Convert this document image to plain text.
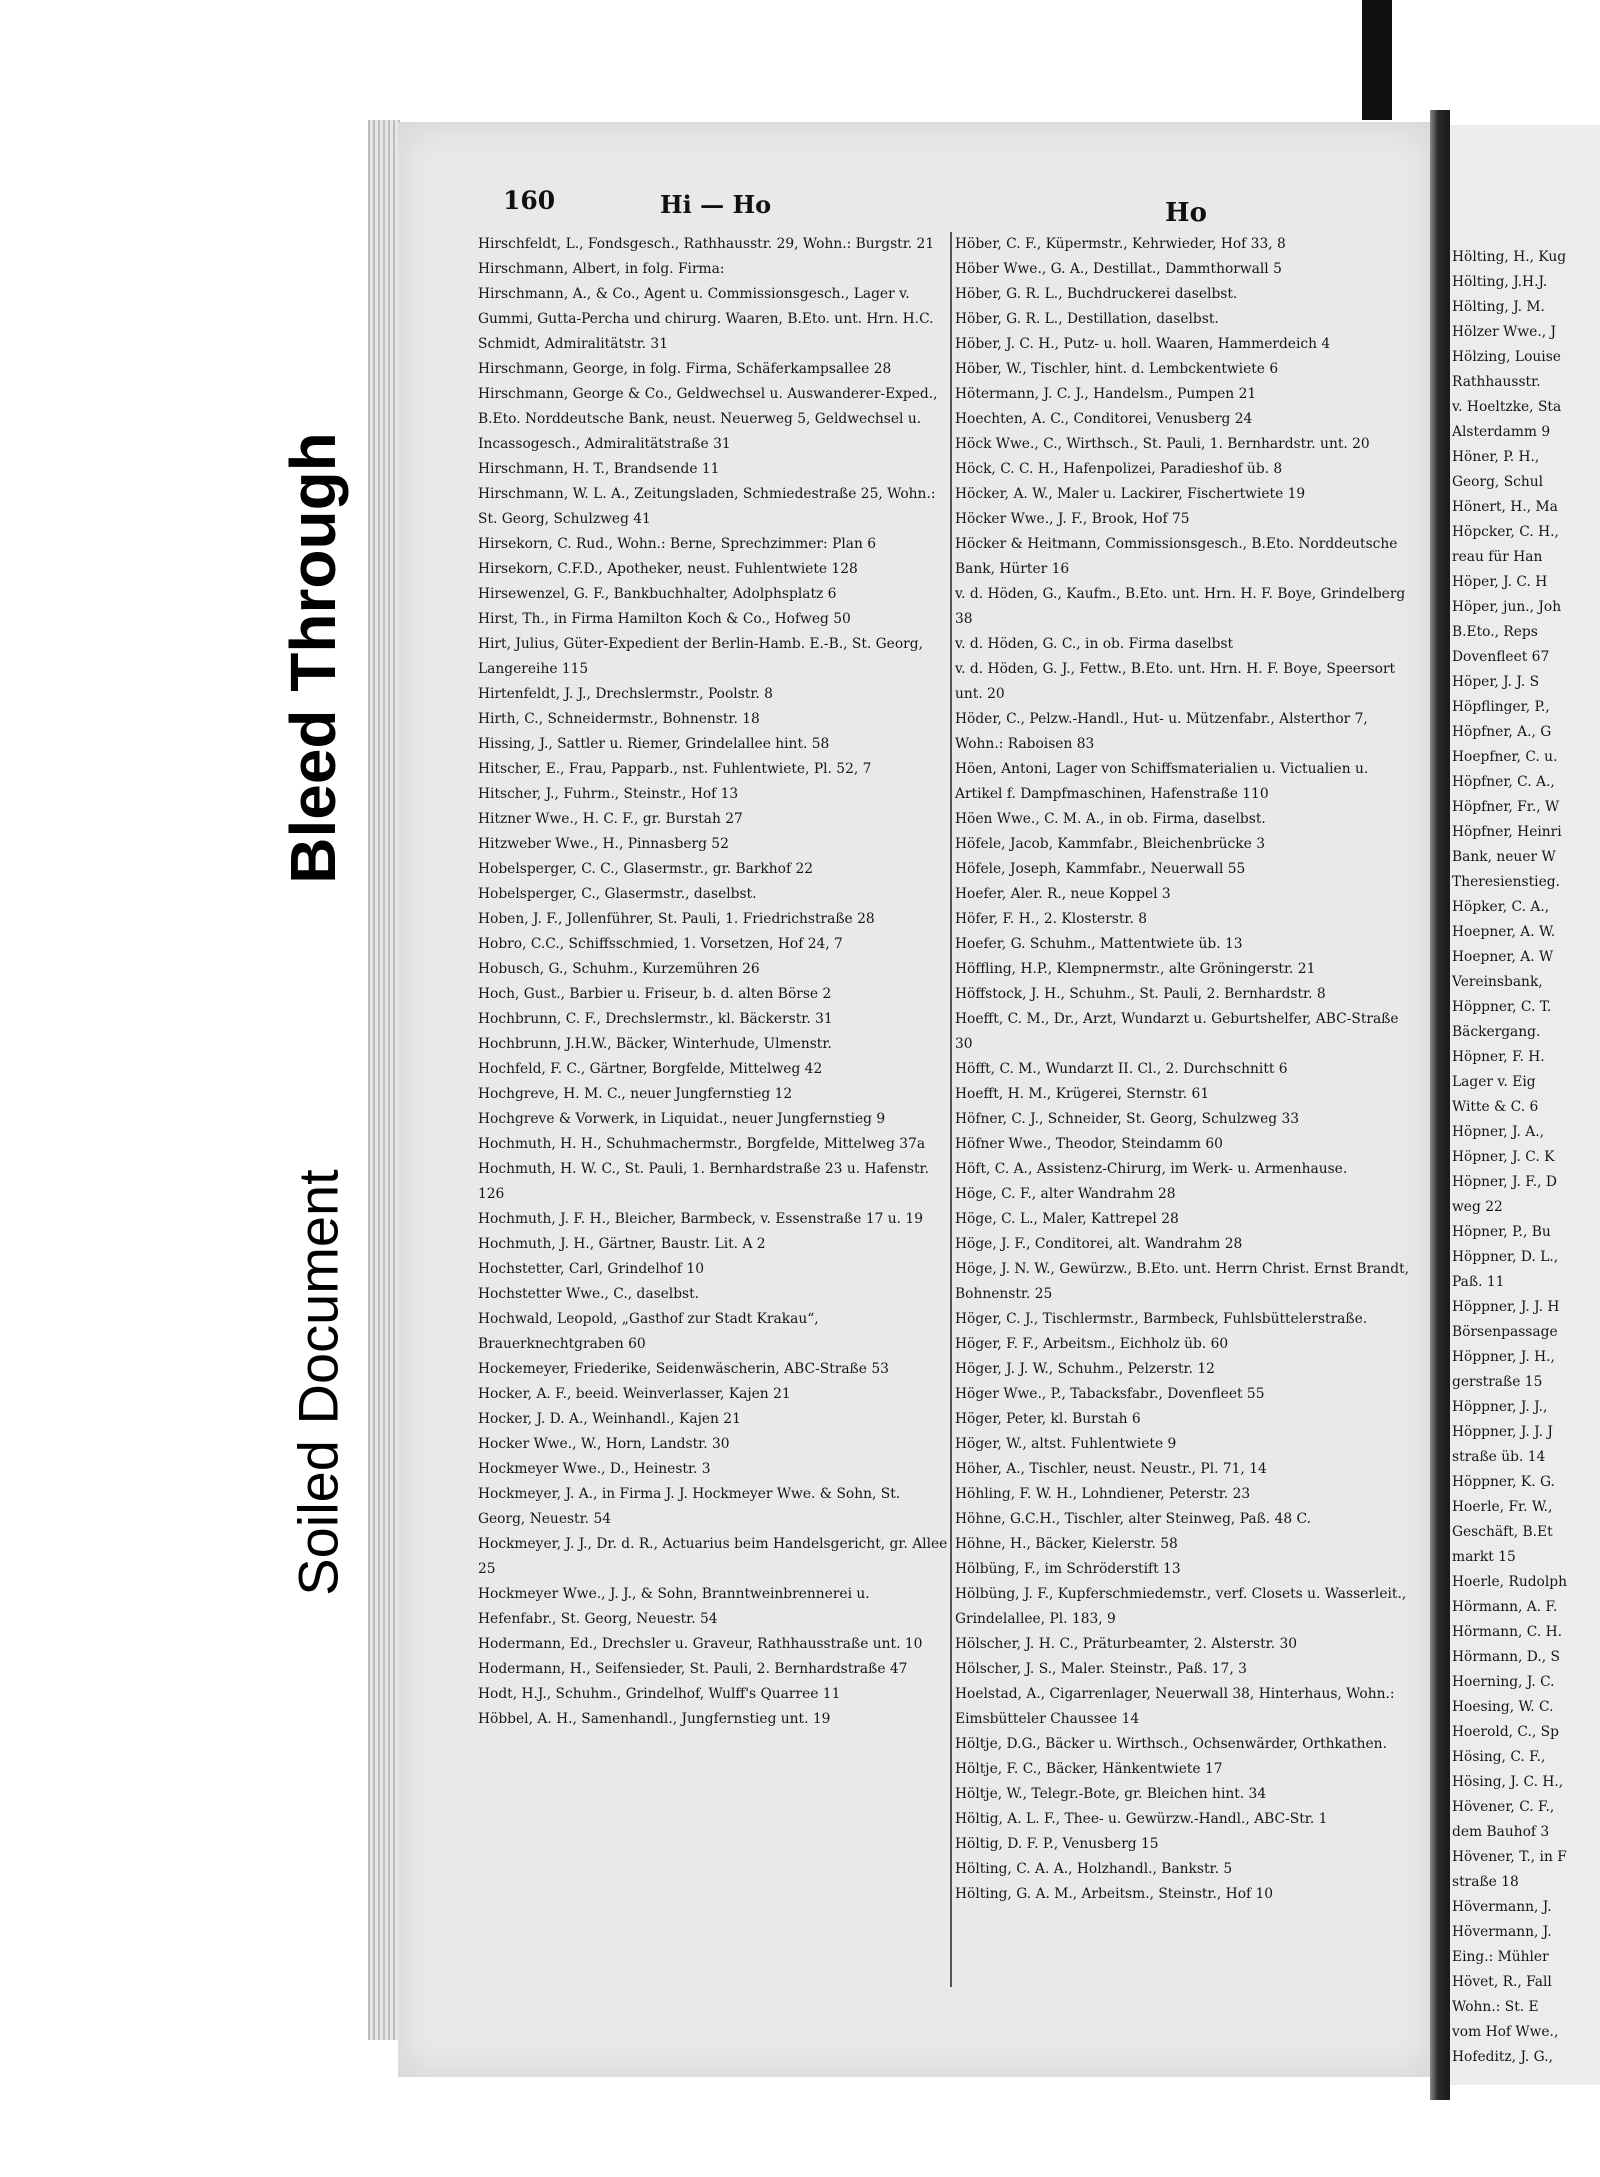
160	Hi — Ho	Ho
Hirschfeldt, L., Fondsgesch., Rathhausstr. 29, Wohn.: Burgstr. 21
Hirschmann, Albert, in folg. Firma:
Hirschmann, A., & Co., Agent u. Commissionsgesch., Lager v. Gummi, Gutta-Percha und chirurg. Waaren, B.Eto. unt. Hrn. H.C. Schmidt, Admiralitätstr. 31
Hirschmann, George, in folg. Firma, Schäferkampsallee 28
Hirschmann, George & Co., Geldwechsel u. Auswanderer-Exped., B.Eto. Norddeutsche Bank, neust. Neuerweg 5, Geldwechsel u. Incassogesch., Admiralitätstraße 31
Hirschmann, H. T., Brandsende 11
Hirschmann, W. L. A., Zeitungsladen, Schmiedestraße 25, Wohn.: St. Georg, Schulzweg 41
Hirsekorn, C. Rud., Wohn.: Berne, Sprechzimmer: Plan 6
Hirsekorn, C.F.D., Apotheker, neust. Fuhlentwiete 128
Hirsewenzel, G. F., Bankbuchhalter, Adolphsplatz 6
Hirst, Th., in Firma Hamilton Koch & Co., Hofweg 50
Hirt, Julius, Güter-Expedient der Berlin-Hamb. E.-B., St. Georg, Langereihe 115
Hirtenfeldt, J. J., Drechslermstr., Poolstr. 8
Hirth, C., Schneidermstr., Bohnenstr. 18
Hissing, J., Sattler u. Riemer, Grindelallee hint. 58
Hitscher, E., Frau, Papparb., nst. Fuhlentwiete, Pl. 52, 7
Hitscher, J., Fuhrm., Steinstr., Hof 13
Hitzner Wwe., H. C. F., gr. Burstah 27
Hitzweber Wwe., H., Pinnasberg 52
Hobelsperger, C. C., Glasermstr., gr. Barkhof 22
Hobelsperger, C., Glasermstr., daselbst.
Hoben, J. F., Jollenführer, St. Pauli, 1. Friedrichstraße 28
Hobro, C.C., Schiffsschmied, 1. Vorsetzen, Hof 24, 7
Hobusch, G., Schuhm., Kurzemühren 26
Hoch, Gust., Barbier u. Friseur, b. d. alten Börse 2
Hochbrunn, C. F., Drechslermstr., kl. Bäckerstr. 31
Hochbrunn, J.H.W., Bäcker, Winterhude, Ulmenstr.
Hochfeld, F. C., Gärtner, Borgfelde, Mittelweg 42
Hochgreve, H. M. C., neuer Jungfernstieg 12
Hochgreve & Vorwerk, in Liquidat., neuer Jungfernstieg 9
Hochmuth, H. H., Schuhmachermstr., Borgfelde, Mittelweg 37a
Hochmuth, H. W. C., St. Pauli, 1. Bernhardstraße 23 u. Hafenstr. 126
Hochmuth, J. F. H., Bleicher, Barmbeck, v. Essenstraße 17 u. 19
Hochmuth, J. H., Gärtner, Baustr. Lit. A 2
Hochstetter, Carl, Grindelhof 10
Hochstetter Wwe., C., daselbst.
Hochwald, Leopold, „Gasthof zur Stadt Krakau“, Brauerknechtgraben 60
Hockemeyer, Friederike, Seidenwäscherin, ABC-Straße 53
Hocker, A. F., beeid. Weinverlasser, Kajen 21
Hocker, J. D. A., Weinhandl., Kajen 21
Hocker Wwe., W., Horn, Landstr. 30
Hockmeyer Wwe., D., Heinestr. 3
Hockmeyer, J. A., in Firma J. J. Hockmeyer Wwe. & Sohn, St. Georg, Neuestr. 54
Hockmeyer, J. J., Dr. d. R., Actuarius beim Handelsgericht, gr. Allee 25
Hockmeyer Wwe., J. J., & Sohn, Branntweinbrennerei u. Hefenfabr., St. Georg, Neuestr. 54
Hodermann, Ed., Drechsler u. Graveur, Rathhausstraße unt. 10
Hodermann, H., Seifensieder, St. Pauli, 2. Bernhardstraße 47
Hodt, H.J., Schuhm., Grindelhof, Wulff's Quarree 11
Höbbel, A. H., Samenhandl., Jungfernstieg unt. 19
Höber, C. F., Küpermstr., Kehrwieder, Hof 33, 8
Höber Wwe., G. A., Destillat., Dammthorwall 5
Höber, G. R. L., Buchdruckerei daselbst.
Höber, G. R. L., Destillation, daselbst.
Höber, J. C. H., Putz- u. holl. Waaren, Hammerdeich 4
Höber, W., Tischler, hint. d. Lembckentwiete 6
Hötermann, J. C. J., Handelsm., Pumpen 21
Hoechten, A. C., Conditorei, Venusberg 24
Höck Wwe., C., Wirthsch., St. Pauli, 1. Bernhardstr. unt. 20
Höck, C. C. H., Hafenpolizei, Paradieshof üb. 8
Höcker, A. W., Maler u. Lackirer, Fischertwiete 19
Höcker Wwe., J. F., Brook, Hof 75
Höcker & Heitmann, Commissionsgesch., B.Eto. Norddeutsche Bank, Hürter 16
v. d. Höden, G., Kaufm., B.Eto. unt. Hrn. H. F. Boye, Grindelberg 38
v. d. Höden, G. C., in ob. Firma daselbst
v. d. Höden, G. J., Fettw., B.Eto. unt. Hrn. H. F. Boye, Speersort unt. 20
Höder, C., Pelzw.-Handl., Hut- u. Mützenfabr., Alsterthor 7, Wohn.: Raboisen 83
Höen, Antoni, Lager von Schiffsmaterialien u. Victualien u. Artikel f. Dampfmaschinen, Hafenstraße 110
Höen Wwe., C. M. A., in ob. Firma, daselbst.
Höfele, Jacob, Kammfabr., Bleichenbrücke 3
Höfele, Joseph, Kammfabr., Neuerwall 55
Hoefer, Aler. R., neue Koppel 3
Höfer, F. H., 2. Klosterstr. 8
Hoefer, G. Schuhm., Mattentwiete üb. 13
Höffling, H.P., Klempnermstr., alte Gröningerstr. 21
Höffstock, J. H., Schuhm., St. Pauli, 2. Bernhardstr. 8
Hoefft, C. M., Dr., Arzt, Wundarzt u. Geburtshelfer, ABC-Straße 30
Höfft, C. M., Wundarzt II. Cl., 2. Durchschnitt 6
Hoefft, H. M., Krügerei, Sternstr. 61
Höfner, C. J., Schneider, St. Georg, Schulzweg 33
Höfner Wwe., Theodor, Steindamm 60
Höft, C. A., Assistenz-Chirurg, im Werk- u. Armenhause.
Höge, C. F., alter Wandrahm 28
Höge, C. L., Maler, Kattrepel 28
Höge, J. F., Conditorei, alt. Wandrahm 28
Höge, J. N. W., Gewürzw., B.Eto. unt. Herrn Christ. Ernst Brandt, Bohnenstr. 25
Höger, C. J., Tischlermstr., Barmbeck, Fuhlsbüttelerstraße.
Höger, F. F., Arbeitsm., Eichholz üb. 60
Höger, J. J. W., Schuhm., Pelzerstr. 12
Höger Wwe., P., Tabacksfabr., Dovenfleet 55
Höger, Peter, kl. Burstah 6
Höger, W., altst. Fuhlentwiete 9
Höher, A., Tischler, neust. Neustr., Pl. 71, 14
Höhling, F. W. H., Lohndiener, Peterstr. 23
Höhne, G.C.H., Tischler, alter Steinweg, Paß. 48 C.
Höhne, H., Bäcker, Kielerstr. 58
Hölbüng, F., im Schröderstift 13
Hölbüng, J. F., Kupferschmiedemstr., verf. Closets u. Wasserleit., Grindelallee, Pl. 183, 9
Hölscher, J. H. C., Präturbeamter, 2. Alsterstr. 30
Hölscher, J. S., Maler. Steinstr., Paß. 17, 3
Hoelstad, A., Cigarrenlager, Neuerwall 38, Hinterhaus, Wohn.: Eimsbütteler Chaussee 14
Höltje, D.G., Bäcker u. Wirthsch., Ochsenwärder, Orthkathen.
Höltje, F. C., Bäcker, Hänkentwiete 17
Höltje, W., Telegr.-Bote, gr. Bleichen hint. 34
Höltig, A. L. F., Thee- u. Gewürzw.-Handl., ABC-Str. 1
Höltig, D. F. P., Venusberg 15
Hölting, C. A. A., Holzhandl., Bankstr. 5
Hölting, G. A. M., Arbeitsm., Steinstr., Hof 10
Hölting, H., Kug
Hölting, J.H.J.
Hölting, J. M.
Hölzer Wwe., J
Hölzing, Louise
Rathhausstr.
v. Hoeltzke, Sta
Alsterdamm 9
Höner, P. H.,
Georg, Schul
Hönert, H., Ma
Höpcker, C. H.,
reau für Han
Höper, J. C. H
Höper, jun., Joh
B.Eto., Reps
Dovenfleet 67
Höper, J. J. S
Höpflinger, P.,
Höpfner, A., G
Hoepfner, C. u.
Höpfner, C. A.,
Höpfner, Fr., W
Höpfner, Heinri
Bank, neuer W
Theresienstieg.
Höpker, C. A.,
Hoepner, A. W.
Hoepner, A. W
Vereinsbank,
Höppner, C. T.
Bäckergang.
Höpner, F. H.
Lager v. Eig
Witte & C. 6
Höpner, J. A.,
Höpner, J. C. K
Höpner, J. F., D
weg 22
Höpner, P., Bu
Höppner, D. L.,
Paß. 11
Höppner, J. J. H
Börsenpassage
Höppner, J. H.,
gerstraße 15
Höppner, J. J.,
Höppner, J. J. J
straße üb. 14
Höppner, K. G.
Hoerle, Fr. W.,
Geschäft, B.Et
markt 15
Hoerle, Rudolph
Hörmann, A. F.
Hörmann, C. H.
Hörmann, D., S
Hoerning, J. C.
Hoesing, W. C.
Hoerold, C., Sp
Hösing, C. F.,
Hösing, J. C. H.,
Hövener, C. F.,
dem Bauhof 3
Hövener, T., in F
straße 18
Hövermann, J.
Hövermann, J.
Eing.: Mühler
Hövet, R., Fall
Wohn.: St. E
vom Hof Wwe.,
Hofeditz, J. G.,
Bleed Through
Soiled Document
